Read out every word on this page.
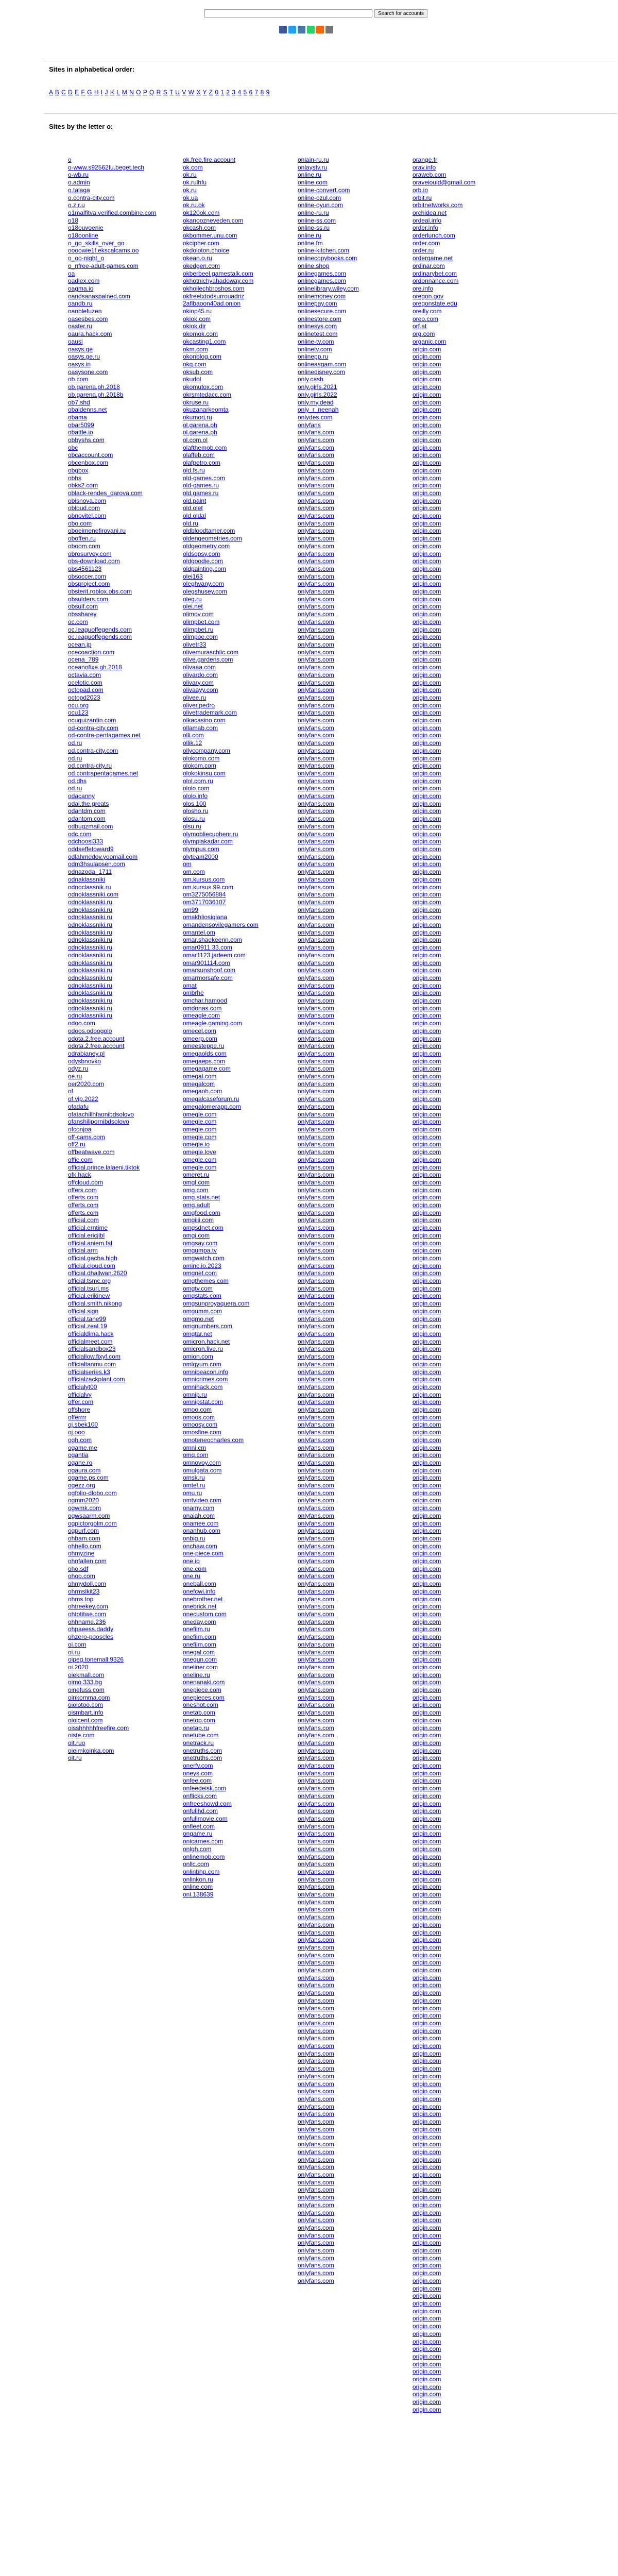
Search for accounts
Sites in alphabetical order:
A B C D E F G H I J K L M N O P Q R S T U V W X Y Z 0 1 2 3 4 5 6 7 8 9
Sites by the letter o:
o
o-www.s92562fu.beget.tech
o-wb.ru
o.admin
o.talaga
o.contra-city.com
o.z.r.u
o1malfitva.verified.combine.com
o18
o18ouvoenie
o18oonline
o_go_skills_over_go
oooowie1f.ekscalcams.oo
o_oo-night_o
o_nfree-adult-games.com
oa
oadlex.com
oagma.io
oandsanaspalned.com
oandb.ru
oanblefuzen
oasesbes.com
oaster.ru
oaura.hack.com
oausl
oasys.ge
oasys.ge.ru
oasys.in
oasysone.com
ob.com
ob.garena.ph.2018
ob.garena.ph.2018b
ob7.shd
obaldenns.net
obama
obar5099
obattle.io
obbyshs.com
obc
obcaccount.com
obcenbox.com
obgbox
obhs
obks2.com
oblack-rendes_darova.com
obisnova.com
obloud.com
obnovitel.com
obo.com
oboeimenefirovani.ru
oboffen.ru
oboom.com
obrosurvey.com
obs-download.com
obs4561123
obsoccer.com
obsproject.com
obsterit.roblox.obs.com
obsulders.com
obsulf.com
obssharey
oc.com
oc.leaguoffegends.com
oc.leaguoffegends.com
ocean.jp
ocecoaction.com
ocena_789
oceanofixe.gh.2018
octavia.com
ocelotic.com
octopad.com
octopd2023
ocu.org
ocu123
ocuquizantin.com
od-contra-city.com
od-contra-pentagames.net
od.ru
od.contra-city.com
od.ru
od.contra-city.ru
od.contrapentagames.net
od.dhs
od.ru
odacanny
odal.the.greats
odantdm.com
odantom.com
odbugzmail.com
odc.com
odchoosi333
oddseffetoward9
odlahmedov.yoomail.com
odm3hsulapsen.com
odnazoda_1711
odnaklassniki
odnoclassnik.ru
odnoklassniki.com
odnoklassniki.ru
odnoklassniki.ru
odnoklassniki.ru
odnoklassniki.ru
odnoklassniki.ru
odnoklassniki.ru
odnoklassniki.ru
odnoklassniki.ru
odnoklassniki.ru
odnoklassniki.ru
odnoklassniki.ru
odnoklassniki.ru
odnoklassniki.ru
odnoklassniki.ru
odnoklassniki.ru
odnoklassniki.ru
odoo.com
odoos.odoogolo
odota.2.free.account
odota.2.free.account
odrabianey.pl
odysbnovko
odyz.ru
oe.ru
oer2020.com
of
of.vip.2022
ofadafu
ofatachillhfaonibdsolovo
ofanshilipornibdsolovo
ofconjoa
off-cams.com
off2.ru
offbeatwave.com
offic.com
official.prince.lalaeni.tiktok
ofk.hack
offcloud.com
offers.com
offerts.com
offerts.com
offerts.com
official.com
official.erntime
official.ericjibl
official.aniem.fal
official.arm
official.gacha.high
official.cloud.com
official.dhallwan.2620
official.tsmc.org
official.tsuri.ms
official.erikinew
official.smith.nikong
official.sign
official.tane99
official.zeal.19
officialdima.hack
officialmeet.com
officialsandbox23
officiallow.fixyf.com
officialtanmu.com
officialseries.k3
officialzackplant.com
officialyt00
officialvy
offer.com
offshore
offerrrr
oj.sbek100
oj.ooo
ogh.com
ogame.me
ogantia
ogane.ro
ogaura.com
ogame.ps.com
ogezz.org
ogfolio-dlobo.com
ogmm2020
ogwmk.com
ogwsaarm.com
ogpictorgolm.com
ogpurf.com
ohbam.com
ohhello.com
ohmyzine
ohnfallen.com
oho.sdf
ohoo.com
ohmydoll.com
ohrmslkit23
ohms.top
ohtreekey.com
ohtotitwe.com
ohhname.236
ohpaeess.daddy
ohzero-pooscles
oi.com
oi.ru
oipeg.tonemall.9326
oi.2020
oiekmall.com
oimo.333.bg
oinefuss.com
oinkomma.com
oioiotoo.com
oismbart.info
oioicent.com
oisshhhhhfreefire.com
oiste.com
oit.ruo
oieimkoinka.com
oit.ru
ok.free.fire.account
ok.com
ok.ru
ok.rulhfu
ok.ru
ok.ua
ok.ru.ok
ok120ok.com
okanoozneveden.com
okcash.com
okbommer.unu.com
okcipher.com
okdoloton.choice
okean.o.ru
okedgen.com
okberbeel.gamestalk.com
okhotnichyahadoway.com
okhollechbroshos.com
okfreetxtodsurrouadriz
2aflbaoon40ad.onion
okiop45.ru
okiok.com
okiok.dir
okomok.com
okcasting1.com
okm.com
okonblog.com
okq.com
oksub.com
okudol
okomutox.com
okrsmtedacc.com
okruse.ru
okuzanarkeomta
okumorj.ru
ol.garena.ph
ol.garena.ph
ol.com.ol
olafthemob.com
olaffeb.com
olafpetro.com
old.fs.ru
old-games.com
old-games.ru
old.games.ru
old.paint
old.olet
old.oldal
old.ru
oldbloodtamer.com
oldengeometries.com
oldgeometry.com
oldsopsy.com
oldgoodie.com
oldpainting.com
olei163
oleghvany.com
olegshusey.com
oleg.ru
olei.net
olimov.com
olimpbet.com
olimpbet.ru
olimpoe.com
olivetr33
olivemuraschlic.com
olive.gardens.com
olivaaa.com
olivardo.com
olivary.com
olivaayy.com
olivee.ru
oliver.pedro
olivetrademark.com
olkacasino.com
ollamab.com
olli.com
ollik.12
ollycompany.com
olokomo.com
olokom.com
olokokinsu.com
olol.com.ru
ololo.com
ololo.info
olos.100
olosho.ru
olosu.ru
olsu.ru
olymobliecuphenr.ru
olympiakadar.com
olympus.com
olyteam2000
om
om.com
om.kursus.com
om.kursus.99.com
om3275056884
om3717036107
om99
omakhliosiqiana
omandensovilegamers.com
omantel.om
omar.shaekeenn.com
omar0911.33.com
omar1123.jadeem.com
omar901114.com
omarsunshoof.com
omarmorsafe.com
omat
ombrhe
omchar.hamood
omdonas.com
omeagle.com
omeagle.gaming.com
omecel.com
omeerp.com
omeesteppe.ru
omegaolds.com
omegaeps.com
omegagame.com
omegal.com
omegalcom
omegaoh.com
omegalcaseforum.ru
omegalomerapp.com
omegle.com
omegle.com
omegle.com
omegle.com
omegle.io
omegle.love
omegle.com
omegle.com
omeret.ru
omgl.com
omg.com
omg.stats.net
omg.adult
omgfood.com
omgiiii.com
omgsdnet.com
omgi.com
omgsay.com
omgumpa.tv
omgwatch.com
ominc.io.2023
omgnet.com
omgthemes.com
omgtv.com
omgstats.com
omgsunproyaquera.com
omgumm.com
omgmo.net
omgnumbers.com
omgtar.net
omicron.hack.net
omicron.live.ru
omion.com
omlgyum.com
omnibeacon.info
omnicrimes.com
omnihack.com
omnip.ru
omnipstat.com
omoo.com
omoos.com
omoosy.com
omosfine.com
omoteneocharles.com
omni.cm
omq.com
omnovoy.com
omulgata.com
omsk.ru
omtel.ru
omu.ru
omtvideo.com
onamy.com
onaiah.com
onamee.com
onanhub.com
onbig.ru
onchaw.com
one-piece.com
one.io
one.com
one.ru
oneball.com
onefcwi.info
onebrother.net
onebrick.net
onecustom.com
oneday.com
onefilm.ru
onefilm.com
onefilm.com
onegal.com
onegun.com
oneliner.com
oneline.ru
onenanaki.com
onepiece.com
onepieces.com
oneshot.com
onetab.com
onetop.com
onetap.ru
onetube.com
onetrack.ru
onetruths.com
onetruths.com
onerfv.com
oneys.com
onfee.com
onfeedeisk.com
onflicks.com
onfreeshowd.com
onfullhd.com
onfullmovie.com
onfleet.com
ongame.ru
onicarnes.com
onlgh.com
onlinemob.com
onllc.com
onlinbhp.com
onlinkon.ru
online.com
onl.138639
onlain-ru.ru
onlaystv.ru
online.ru
online.com
online-convert.com
online-ozul.com
online-oyun.com
online-ru.ru
online-ss.com
online-ss.ru
online.ru
online.fm
online-kitchen.com
onlinecopybooks.com
online.shop
onlinegames.com
onlinegames.com
onlinelibrary.wiley.com
onlinemoney.com
onlinepay.com
onlinesecure.com
onlinestore.com
onlinesys.com
onlinetest.com
online-tv.com
onlinetv.com
onlinepp.ru
onlineasgam.com
onlinedisney.com
only.cash
only.girls.2021
only.girls.2022
only.my.dead
only_r_neenah
onlydes.com
onlyfans
onlyfans.com
onlyfans.com
onlyfans.com
onlyfans.com
onlyfans.com
onlyfans.com
onlyfans.com
onlyfans.com
onlyfans.com
onlyfans.com
onlyfans.com
onlyfans.com
onlyfans.com
onlyfans.com
onlyfans.com
onlyfans.com
onlyfans.com
onlyfans.com
onlyfans.com
onlyfans.com
onlyfans.com
onlyfans.com
onlyfans.com
onlyfans.com
onlyfans.com
onlyfans.com
onlyfans.com
onlyfans.com
onlyfans.com
onlyfans.com
onlyfans.com
onlyfans.com
onlyfans.com
onlyfans.com
onlyfans.com
onlyfans.com
onlyfans.com
onlyfans.com
onlyfans.com
onlyfans.com
onlyfans.com
onlyfans.com
onlyfans.com
onlyfans.com
onlyfans.com
onlyfans.com
onlyfans.com
onlyfans.com
onlyfans.com
onlyfans.com
onlyfans.com
onlyfans.com
onlyfans.com
onlyfans.com
onlyfans.com
onlyfans.com
onlyfans.com
onlyfans.com
onlyfans.com
onlyfans.com
onlyfans.com
onlyfans.com
onlyfans.com
onlyfans.com
onlyfans.com
onlyfans.com
onlyfans.com
onlyfans.com
onlyfans.com
onlyfans.com
onlyfans.com
onlyfans.com
onlyfans.com
onlyfans.com
onlyfans.com
onlyfans.com
onlyfans.com
onlyfans.com
onlyfans.com
onlyfans.com
onlyfans.com
onlyfans.com
onlyfans.com
onlyfans.com
onlyfans.com
onlyfans.com
onlyfans.com
onlyfans.com
onlyfans.com
onlyfans.com
onlyfans.com
onlyfans.com
onlyfans.com
onlyfans.com
onlyfans.com
onlyfans.com
onlyfans.com
onlyfans.com
onlyfans.com
onlyfans.com
onlyfans.com
onlyfans.com
onlyfans.com
onlyfans.com
onlyfans.com
onlyfans.com
onlyfans.com
onlyfans.com
onlyfans.com
onlyfans.com
onlyfans.com
onlyfans.com
onlyfans.com
onlyfans.com
onlyfans.com
onlyfans.com
onlyfans.com
onlyfans.com
onlyfans.com
onlyfans.com
onlyfans.com
onlyfans.com
onlyfans.com
onlyfans.com
onlyfans.com
onlyfans.com
onlyfans.com
onlyfans.com
onlyfans.com
onlyfans.com
onlyfans.com
onlyfans.com
onlyfans.com
onlyfans.com
onlyfans.com
onlyfans.com
onlyfans.com
onlyfans.com
onlyfans.com
onlyfans.com
onlyfans.com
onlyfans.com
onlyfans.com
onlyfans.com
onlyfans.com
onlyfans.com
onlyfans.com
onlyfans.com
onlyfans.com
onlyfans.com
onlyfans.com
onlyfans.com
onlyfans.com
onlyfans.com
onlyfans.com
onlyfans.com
onlyfans.com
onlyfans.com
onlyfans.com
onlyfans.com
onlyfans.com
onlyfans.com
onlyfans.com
onlyfans.com
onlyfans.com
onlyfans.com
onlyfans.com
onlyfans.com
onlyfans.com
onlyfans.com
onlyfans.com
onlyfans.com
onlyfans.com
onlyfans.com
onlyfans.com
onlyfans.com
onlyfans.com
onlyfans.com
onlyfans.com
onlyfans.com
onlyfans.com
onlyfans.com
onlyfans.com
onlyfans.com
onlyfans.com
onlyfans.com
onlyfans.com
onlyfans.com
onlyfans.com
onlyfans.com
onlyfans.com
onlyfans.com
onlyfans.com
onlyfans.com
onlyfans.com
onlyfans.com
onlyfans.com
onlyfans.com
onlyfans.com
onlyfans.com
onlyfans.com
onlyfans.com
onlyfans.com
onlyfans.com
onlyfans.com
onlyfans.com
onlyfans.com
onlyfans.com
onlyfans.com
onlyfans.com
onlyfans.com
onlyfans.com
onlyfans.com
onlyfans.com
onlyfans.com
onlyfans.com
onlyfans.com
onlyfans.com
onlyfans.com
onlyfans.com
onlyfans.com
onlyfans.com
onlyfans.com
onlyfans.com
onlyfans.com
onlyfans.com
onlyfans.com
onlyfans.com
onlyfans.com
onlyfans.com
onlyfans.com
onlyfans.com
onlyfans.com
onlyfans.com
onlyfans.com
onlyfans.com
onlyfans.com
onlyfans.com
onlyfans.com
onlyfans.com
onlyfans.com
onlyfans.com
onlyfans.com
onlyfans.com
onlyfans.com
orange.fr
orav.info
oraweb.com
oraveiouid@gmail.com
orb.io
orbit.ru
orbitnetworks.com
orchidea.net
ordeal.info
order.info
orderlunch.com
order.com
order.ru
ordergame.net
ordinar.com
ordinarybet.com
ordonnance.com
ore.info
oregon.gov
oregonstate.edu
oreilly.com
oreo.com
orf.at
org.com
organic.com
origin.com
origin.com
origin.com
origin.com
origin.com
origin.com
origin.com
origin.com
origin.com
origin.com
origin.com
origin.com
origin.com
origin.com
origin.com
origin.com
origin.com
origin.com
origin.com
origin.com
origin.com
origin.com
origin.com
origin.com
origin.com
origin.com
origin.com
origin.com
origin.com
origin.com
origin.com
origin.com
origin.com
origin.com
origin.com
origin.com
origin.com
origin.com
origin.com
origin.com
origin.com
origin.com
origin.com
origin.com
origin.com
origin.com
origin.com
origin.com
origin.com
origin.com
origin.com
origin.com
origin.com
origin.com
origin.com
origin.com
origin.com
origin.com
origin.com
origin.com
origin.com
origin.com
origin.com
origin.com
origin.com
origin.com
origin.com
origin.com
origin.com
origin.com
origin.com
origin.com
origin.com
origin.com
origin.com
origin.com
origin.com
origin.com
origin.com
origin.com
origin.com
origin.com
origin.com
origin.com
origin.com
origin.com
origin.com
origin.com
origin.com
origin.com
origin.com
origin.com
origin.com
origin.com
origin.com
origin.com
origin.com
origin.com
origin.com
origin.com
origin.com
origin.com
origin.com
origin.com
origin.com
origin.com
origin.com
origin.com
origin.com
origin.com
origin.com
origin.com
origin.com
origin.com
origin.com
origin.com
origin.com
origin.com
origin.com
origin.com
origin.com
origin.com
origin.com
origin.com
origin.com
origin.com
origin.com
origin.com
origin.com
origin.com
origin.com
origin.com
origin.com
origin.com
origin.com
origin.com
origin.com
origin.com
origin.com
origin.com
origin.com
origin.com
origin.com
origin.com
origin.com
origin.com
origin.com
origin.com
origin.com
origin.com
origin.com
origin.com
origin.com
origin.com
origin.com
origin.com
origin.com
origin.com
origin.com
origin.com
origin.com
origin.com
origin.com
origin.com
origin.com
origin.com
origin.com
origin.com
origin.com
origin.com
origin.com
origin.com
origin.com
origin.com
origin.com
origin.com
origin.com
origin.com
origin.com
origin.com
origin.com
origin.com
origin.com
origin.com
origin.com
origin.com
origin.com
origin.com
origin.com
origin.com
origin.com
origin.com
origin.com
origin.com
origin.com
origin.com
origin.com
origin.com
origin.com
origin.com
origin.com
origin.com
origin.com
origin.com
origin.com
origin.com
origin.com
origin.com
origin.com
origin.com
origin.com
origin.com
origin.com
origin.com
origin.com
origin.com
origin.com
origin.com
origin.com
origin.com
origin.com
origin.com
origin.com
origin.com
origin.com
origin.com
origin.com
origin.com
origin.com
origin.com
origin.com
origin.com
origin.com
origin.com
origin.com
origin.com
origin.com
origin.com
origin.com
origin.com
origin.com
origin.com
origin.com
origin.com
origin.com
origin.com
origin.com
origin.com
origin.com
origin.com
origin.com
origin.com
origin.com
origin.com
origin.com
origin.com
origin.com
origin.com
origin.com
origin.com
origin.com
origin.com
origin.com
origin.com
origin.com
origin.com
origin.com
origin.com
origin.com
origin.com
origin.com
origin.com
origin.com
